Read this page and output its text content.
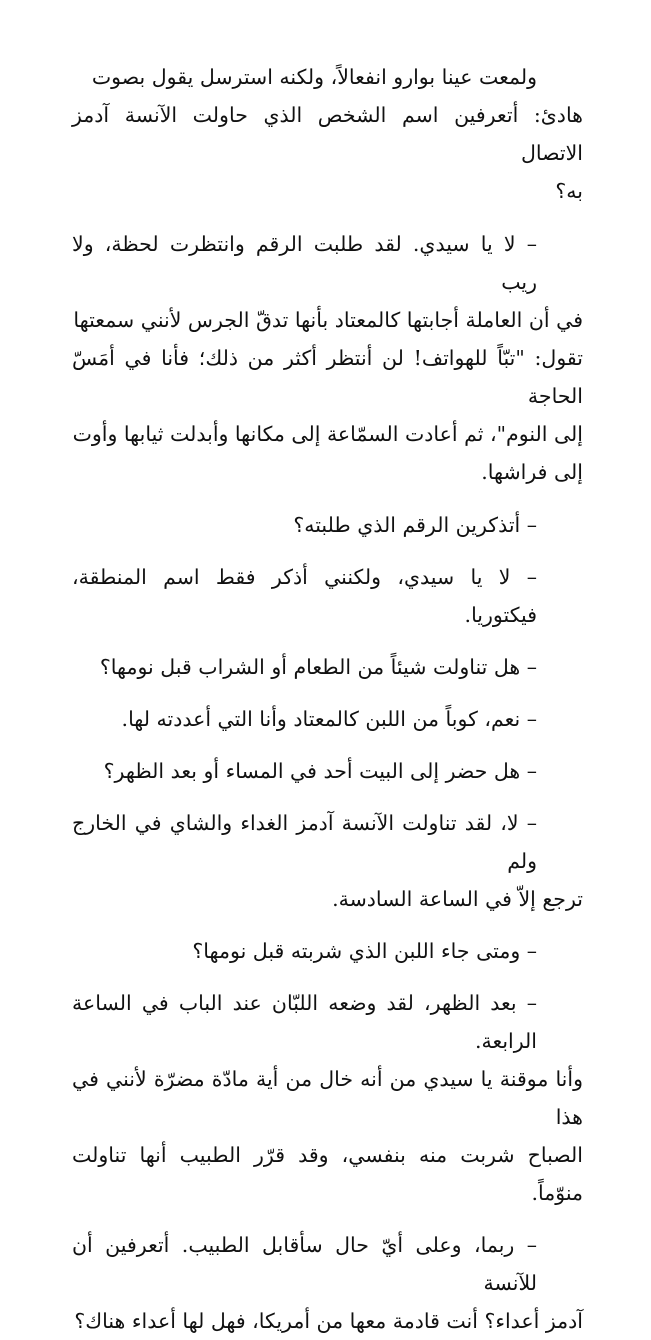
ولمعت عينا بوارو انفعالاً، ولكنه استرسل يقول بصوت
هادئ: أتعرفين اسم الشخص الذي حاولت الآنسة آدمز الاتصال
به؟

– لا يا سيدي. لقد طلبت الرقم وانتظرت لحظة، ولا ريب
في أن العاملة أجابتها كالمعتاد بأنها تدقّ الجرس لأنني سمعتها
تقول: "تبّاً للهواتف! لن أنتظر أكثر من ذلك؛ فأنا في أمَسّ الحاجة
إلى النوم"، ثم أعادت السمّاعة إلى مكانها وأبدلت ثيابها وأوت
إلى فراشها.

– أتذكرين الرقم الذي طلبته؟

– لا يا سيدي، ولكنني أذكر فقط اسم المنطقة، فيكتوريا.

– هل تناولت شيئاً من الطعام أو الشراب قبل نومها؟

– نعم، كوباً من اللبن كالمعتاد وأنا التي أعددته لها.

– هل حضر إلى البيت أحد في المساء أو بعد الظهر؟

– لا، لقد تناولت الآنسة آدمز الغداء والشاي في الخارج ولم
ترجع إلاّ في الساعة السادسة.

– ومتى جاء اللبن الذي شربته قبل نومها؟

– بعد الظهر، لقد وضعه اللبّان عند الباب في الساعة الرابعة.
وأنا موقنة يا سيدي من أنه خال من أية مادّة مضرّة لأنني في هذا
الصباح شربت منه بنفسي، وقد قرّر الطبيب أنها تناولت منوّماً.

– ربما، وعلى أيّ حال سأقابل الطبيب. أتعرفين أن للآنسة
آدمز أعداء؟ أنت قادمة معها من أمريكا، فهل لها أعداء هناك؟
